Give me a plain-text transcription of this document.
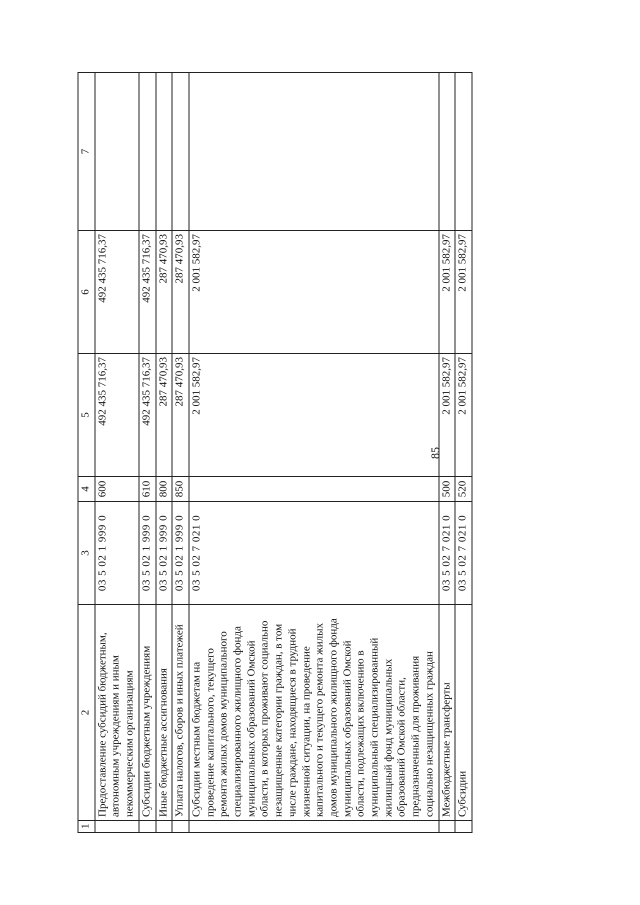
85
1	2	3	4	5	6	7
	Предоставление субсидий бюджетным, автономным учреждениям и иным некоммерческим организациям	03 5 02 1 999 0	600	492 435 716,37	492 435 716,37	
	Субсидии бюджетным учреждениям	03 5 02 1 999 0	610	492 435 716,37	492 435 716,37	
	Иные бюджетные ассигнования	03 5 02 1 999 0	800	287 470,93	287 470,93	
	Уплата налогов, сборов и иных платежей	03 5 02 1 999 0	850	287 470,93	287 470,93	
	Субсидии местным бюджетам на проведение капитального, текущего ремонта жилых домов муниципального специализированного жилищного фонда муниципальных образований Омской области, в которых проживают социально незащищенные категории граждан, в том числе граждане, находящиеся в трудной жизненной ситуации, на проведение капитального и текущего ремонта жилых домов муниципального жилищного фонда муниципальных образований Омской области, подлежащих включению в муниципальный специализированный жилищный фонд муниципальных образований Омской области, предназначенный для проживания социально незащищенных граждан	03 5 02 7 021 0		2 001 582,97	2 001 582,97	
	Межбюджетные трансферты	03 5 02 7 021 0	500	2 001 582,97	2 001 582,97	
	Субсидии	03 5 02 7 021 0	520	2 001 582,97	2 001 582,97	
